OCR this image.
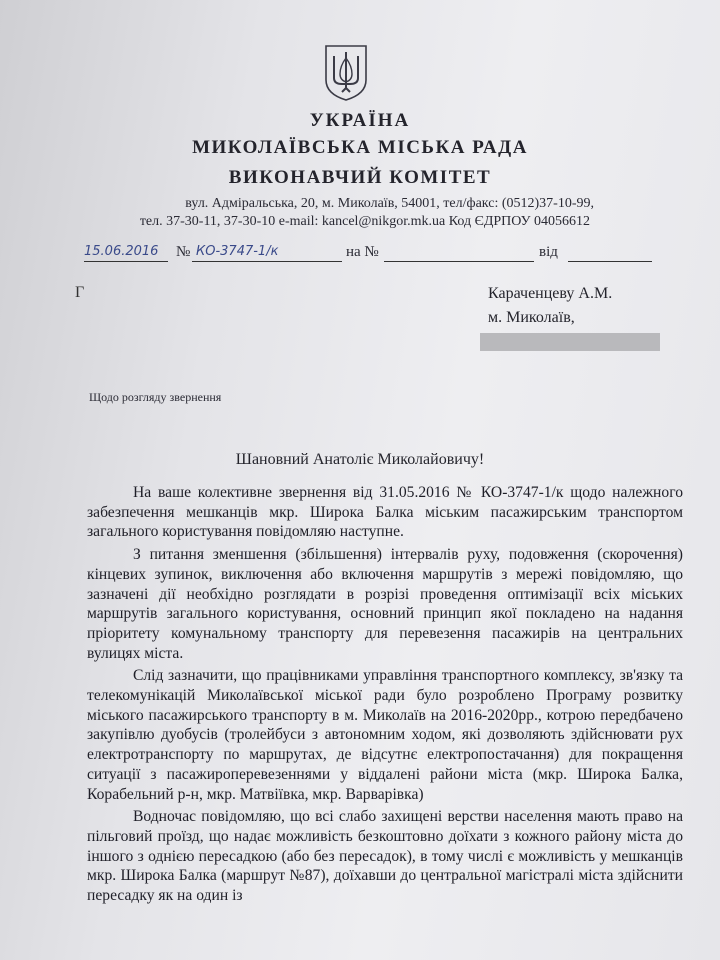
УКРАЇНА
МИКОЛАЇВСЬКА МІСЬКА РАДА
ВИКОНАВЧИЙ КОМІТЕТ
вул. Адміральська, 20, м. Миколаїв, 54001, тел/факс: (0512)37-10-99,
тел. 37-30-11, 37-30-10 e-mail: kancel@nikgor.mk.ua Код ЄДРПОУ 04056612
15.06.2016 № КО-3747-1/к	на №	від
Г	Караченцеву А.М.
м. Миколаїв,
Щодо розгляду звернення
Шановний Анатоліє Миколайовичу!

На ваше колективне звернення від 31.05.2016 № КО-3747-1/к щодо належного забезпечення мешканців мкр. Широка Балка міським пасажирським транспортом загального користування повідомляю наступне.

З питання зменшення (збільшення) інтервалів руху, подовження (скорочення) кінцевих зупинок, виключення або включення маршрутів з мережі повідомляю, що зазначені дії необхідно розглядати в розрізі проведення оптимізації всіх міських маршрутів загального користування, основний принцип якої покладено на надання пріоритету комунальному транспорту для перевезення пасажирів на центральних вулицях міста.

Слід зазначити, що працівниками управління транспортного комплексу, зв'язку та телекомунікацій Миколаївської міської ради було розроблено Програму розвитку міського пасажирського транспорту в м. Миколаїв на 2016-2020рр., котрою передбачено закупівлю дуобусів (тролейбуси з автономним ходом, які дозволяють здійснювати рух електротранспорту по маршрутах, де відсутнє електропостачання) для покращення ситуації з пасажироперевезеннями у віддалені райони міста (мкр. Широка Балка, Корабельний р-н, мкр. Матвіївка, мкр. Варварівка)

Водночас повідомляю, що всі слабо захищені верстви населення мають право на пільговий проїзд, що надає можливість безкоштовно доїхати з кожного району міста до іншого з однією пересадкою (або без пересадок), в тому числі є можливість у мешканців мкр. Широка Балка (маршрут №87), доїхавши до центральної магістралі міста здійснити пересадку як на один із
